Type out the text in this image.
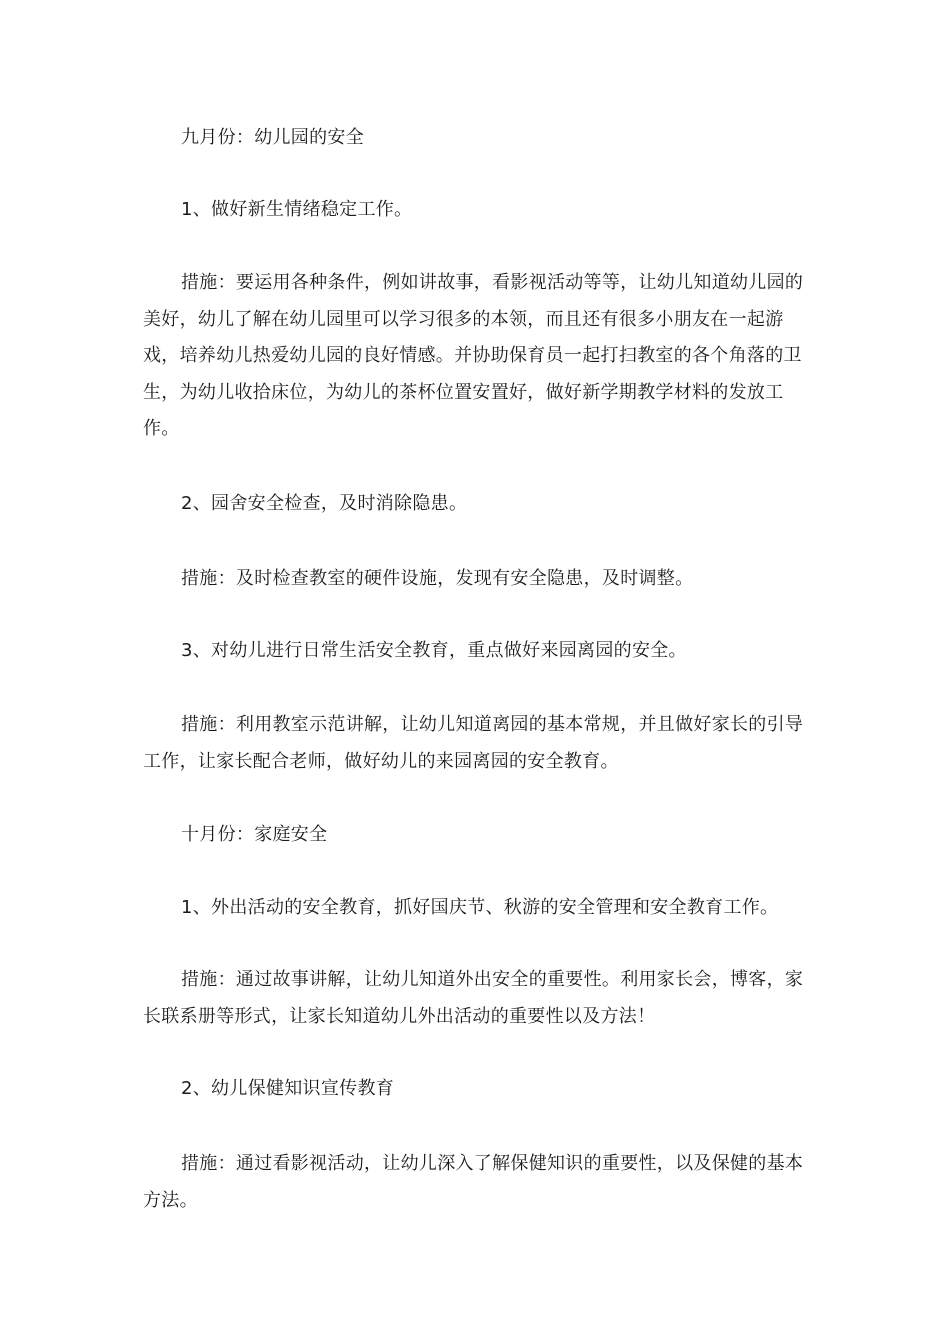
九月份：幼儿园的安全

1、做好新生情绪稳定工作。

措施：要运用各种条件，例如讲故事，看影视活动等等，让幼儿知道幼儿园的美好，幼儿了解在幼儿园里可以学习很多的本领，而且还有很多小朋友在一起游戏，培养幼儿热爱幼儿园的良好情感。并协助保育员一起打扫教室的各个角落的卫生，为幼儿收拾床位，为幼儿的茶杯位置安置好，做好新学期教学材料的发放工作。

2、园舍安全检查，及时消除隐患。

措施：及时检查教室的硬件设施，发现有安全隐患，及时调整。

3、对幼儿进行日常生活安全教育，重点做好来园离园的安全。

措施：利用教室示范讲解，让幼儿知道离园的基本常规，并且做好家长的引导工作，让家长配合老师，做好幼儿的来园离园的安全教育。

十月份：家庭安全

1、外出活动的安全教育，抓好国庆节、秋游的安全管理和安全教育工作。

措施：通过故事讲解，让幼儿知道外出安全的重要性。利用家长会，博客，家长联系册等形式，让家长知道幼儿外出活动的重要性以及方法！

2、幼儿保健知识宣传教育

措施：通过看影视活动，让幼儿深入了解保健知识的重要性，以及保健的基本方法。
